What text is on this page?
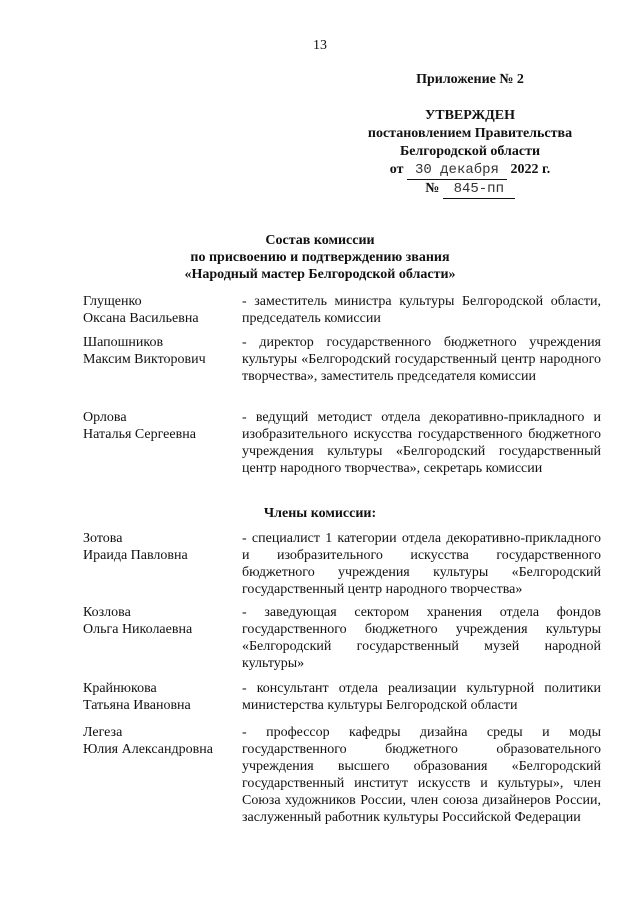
13
Приложение № 2
УТВЕРЖДЕН
постановлением Правительства
Белгородской области
от 30 декабря 2022 г.
№ 845-пп
Состав комиссии
по присвоению и подтверждению звания
«Народный мастер Белгородской области»
Глущенко
Оксана Васильевна
- заместитель министра культуры Белгородской области, председатель комиссии
Шапошников
Максим Викторович
- директор государственного бюджетного учреждения культуры «Белгородский государственный центр народного творчества», заместитель председателя комиссии
Орлова
Наталья Сергеевна
- ведущий методист отдела декоративно-прикладного и изобразительного искусства государственного бюджетного учреждения культуры «Белгородский государственный центр народного творчества», секретарь комиссии
Члены комиссии:
Зотова
Ираида Павловна
- специалист 1 категории отдела декоративно-прикладного и изобразительного искусства государственного бюджетного учреждения культуры «Белгородский государственный центр народного творчества»
Козлова
Ольга Николаевна
- заведующая сектором хранения отдела фондов государственного бюджетного учреждения культуры «Белгородский государственный музей народной культуры»
Крайнюкова
Татьяна Ивановна
- консультант отдела реализации культурной политики министерства культуры Белгородской области
Легеза
Юлия Александровна
- профессор кафедры дизайна среды и моды государственного бюджетного образовательного учреждения высшего образования «Белгородский государственный институт искусств и культуры», член Союза художников России, член союза дизайнеров России, заслуженный работник культуры Российской Федерации
